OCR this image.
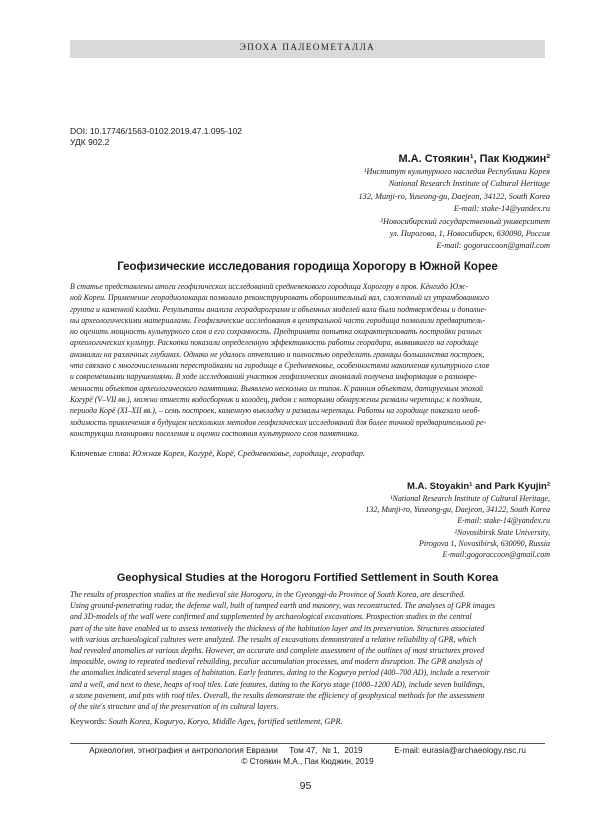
ЭПОХА ПАЛЕОМЕТАЛЛА
DOI: 10.17746/1563-0102.2019.47.1.095-102
УДК 902.2
М.А. Стоякин¹, Пак Кюджин²
¹Институт культурного наследия Республики Корея
National Research Institute of Cultural Heritage
132, Munji-ro, Yuseong-gu, Daejeon, 34122, South Korea
E-mail: stake-14@yandex.ru
²Новосибирский государственный университет
ул. Пирогова, 1, Новосибирск, 630090, Россия
E-mail: gogoraccoon@gmail.com
Геофизические исследования городища Хорогору в Южной Корее
В статье представлены итоги геофизических исследований средневекового городища Хорогору в пров. Кёнгидо Юж-
ной Кореи. Применение георадиолокации позволило реконструировать оборонительный вал, сложенный из утрамбованного
грунта и каменной кладки. Результаты анализа георадарограмм и объемных моделей вала были подтверждены и дополне-
ны археологическими материалами. Геофизические исследования в центральной части городища позволили предваритель-
но оценить мощность культурного слоя и его сохранность. Предпринята попытка охарактеризовать постройки разных
археологических культур. Раскопки показали определенную эффективность работы георадара, выявившего на городище
аномалии на различных глубинах. Однако не удалось отчетливо и полностью определить границы большинства построек,
что связано с многочисленными перестройками на городище в Средневековье, особенностями накопления культурного слоя
и современными нарушениями. В ходе исследований участков геофизических аномалий получена информация о разновре-
менности объектов археологического памятника. Выявлено несколько их типов. К ранним объектам, датируемым эпохой
Когурё (V–VII вв.), можно отнести водосборник и колодец, рядом с которыми обнаружены развалы черепицы; к поздним,
периода Корё (XI–XII вв.), – семь построек, каменную выкладку и развалы черепицы. Работы на городище показали необ-
ходимость привлечения в будущем нескольких методов геофизических исследований для более точной предварительной ре-
конструкции планировки поселения и оценки состояния культурного слоя памятника.
Ключевые слова: Южная Корея, Когурё, Корё, Средневековье, городище, георадар.
M.A. Stoyakin¹ and Park Kyujin²
¹National Research Institute of Cultural Heritage,
132, Munji-ro, Yuseong-gu, Daejeon, 34122, South Korea
E-mail: stake-14@yandex.ru
²Novosibirsk State University,
Pirogova 1, Novosibirsk, 630090, Russia
E-mail:gogoraccoon@gmail.com
Geophysical Studies at the Horogoru Fortified Settlement in South Korea
The results of prospection studies at the medieval site Horogoru, in the Gyeonggi-do Province of South Korea, are described.
Using ground-penetrating radar, the defense wall, built of tamped earth and masonry, was reconstructed. The analyses of GPR images
and 3D-models of the wall were confirmed and supplemented by archaeological excavations. Prospection studies in the central
part of the site have enabled us to assess tentatively the thickness of the habitation layer and its preservation. Structures associated
with various archaeological cultures were analyzed. The results of excavations demonstrated a relative reliability of GPR, which
had revealed anomalies at various depths. However, an accurate and complete assessment of the outlines of most structures proved
impossible, owing to repeated medieval rebuilding, peculiar accumulation processes, and modern disruption. The GPR analysis of
the anomalies indicated several stages of habitation. Early features, dating to the Koguryo period (400–700 AD), include a reservoir
and a well, and next to these, heaps of roof tiles. Late features, dating to the Koryo stage (1000–1200 AD), include seven buildings,
a stone pavement, and pits with roof tiles. Overall, the results demonstrate the efficiency of geophysical methods for the assessment
of the site's structure and of the preservation of its cultural layers.
Keywords: South Korea, Koguryo, Koryo, Middle Ages, fortified settlement, GPR.
Археология, этнография и антропология Евразии     Том 47,  № 1,  2019              E-mail: eurasia@archaeology.nsc.ru
© Стоякин М.А., Пак Кюджин, 2019
95
